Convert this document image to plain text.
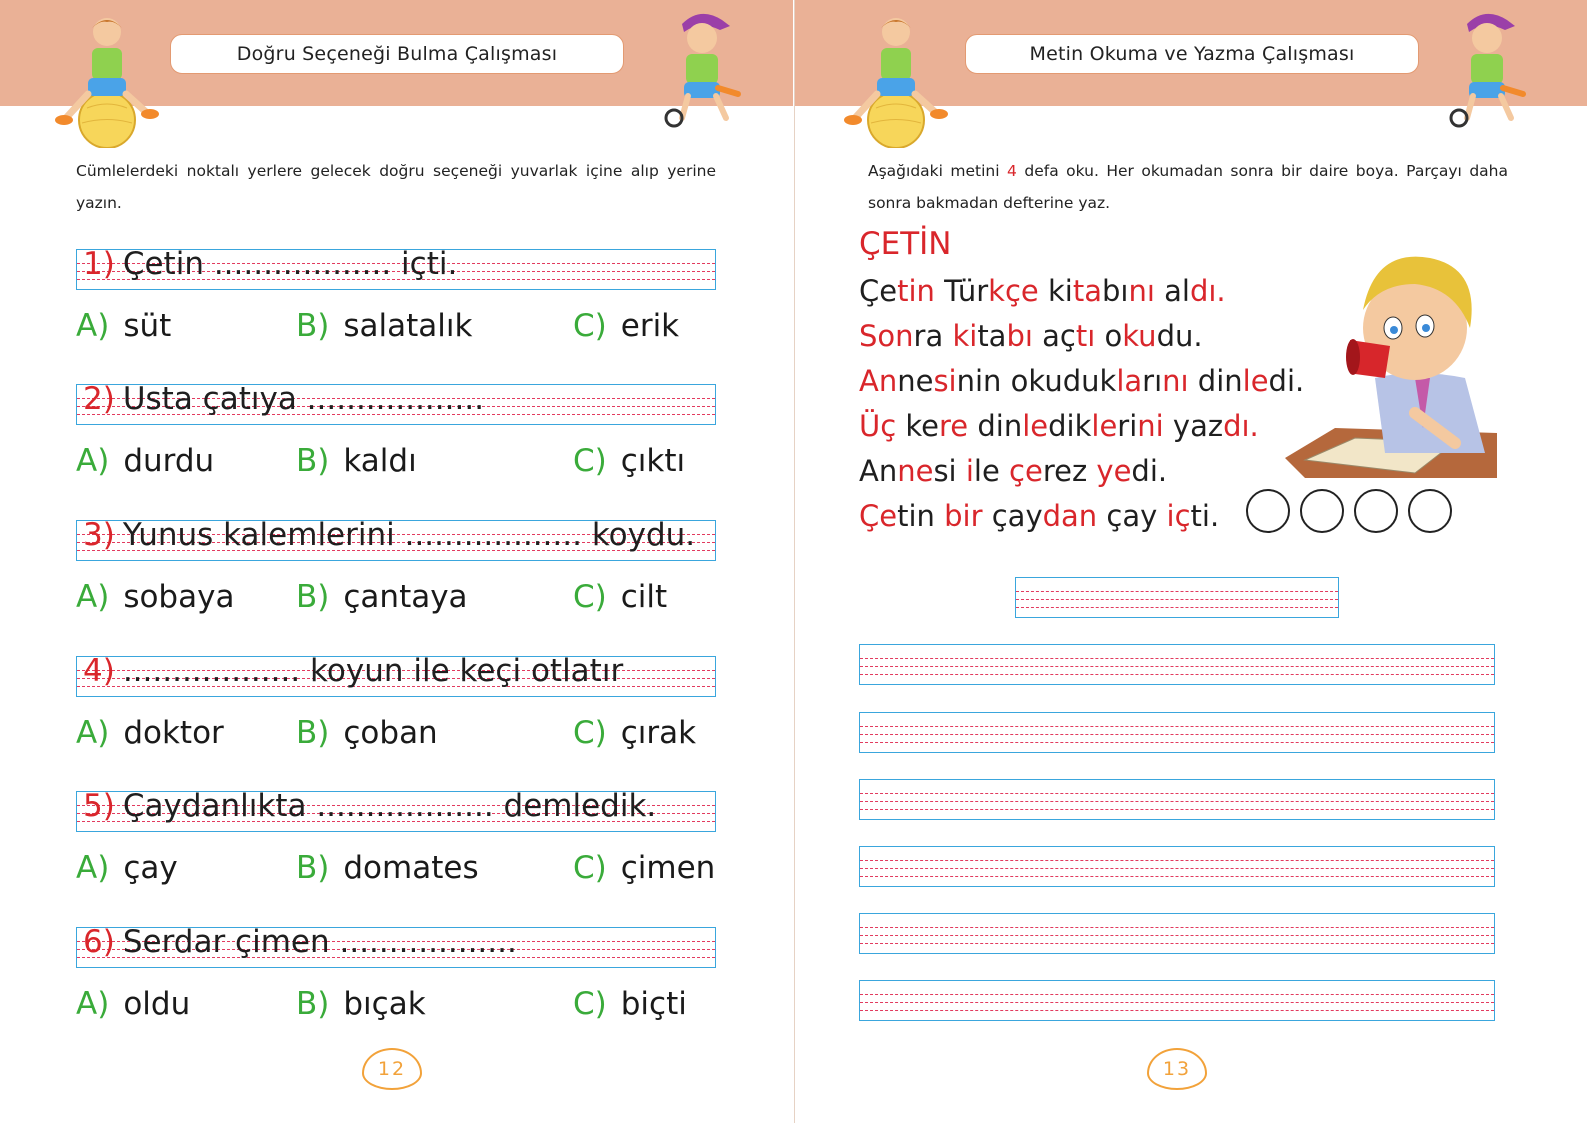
Doğru Seçeneği Bulma Çalışması
Cümlelerdeki noktalı yerlere gelecek doğru seçeneği yuvarlak içine alıp yerine yazın.
1) Çetin .................. içti.
A) süt	B) salatalık	C) erik
2) Usta çatıya ..................
A) durdu	B) kaldı	C) çıktı
3) Yunus kalemlerini .................. koydu.
A) sobaya B) çantaya	C) cilt
4) .................. koyun ile keçi otlatır
A) doktor B) çoban	C) çırak
5) Çaydanlıkta .................. demledik.
A) çay	B) domates	C) çimen
6) Serdar çimen ..................
A) oldu	B) bıçak	C) biçti
12
Metin Okuma ve Yazma Çalışması
Aşağıdaki metini 4 defa oku. Her okumadan sonra bir daire boya. Parçayı daha sonra bakmadan defterine yaz.
ÇETİN
Çetin Türkçe kitabını aldı.
Sonra kitabı açtı okudu.
Annesinin okuduklarını dinledi.
Üç kere dinlediklerini yazdı.
Annesi ile çerez yedi.
Çetin bir çaydan çay içti.
13
